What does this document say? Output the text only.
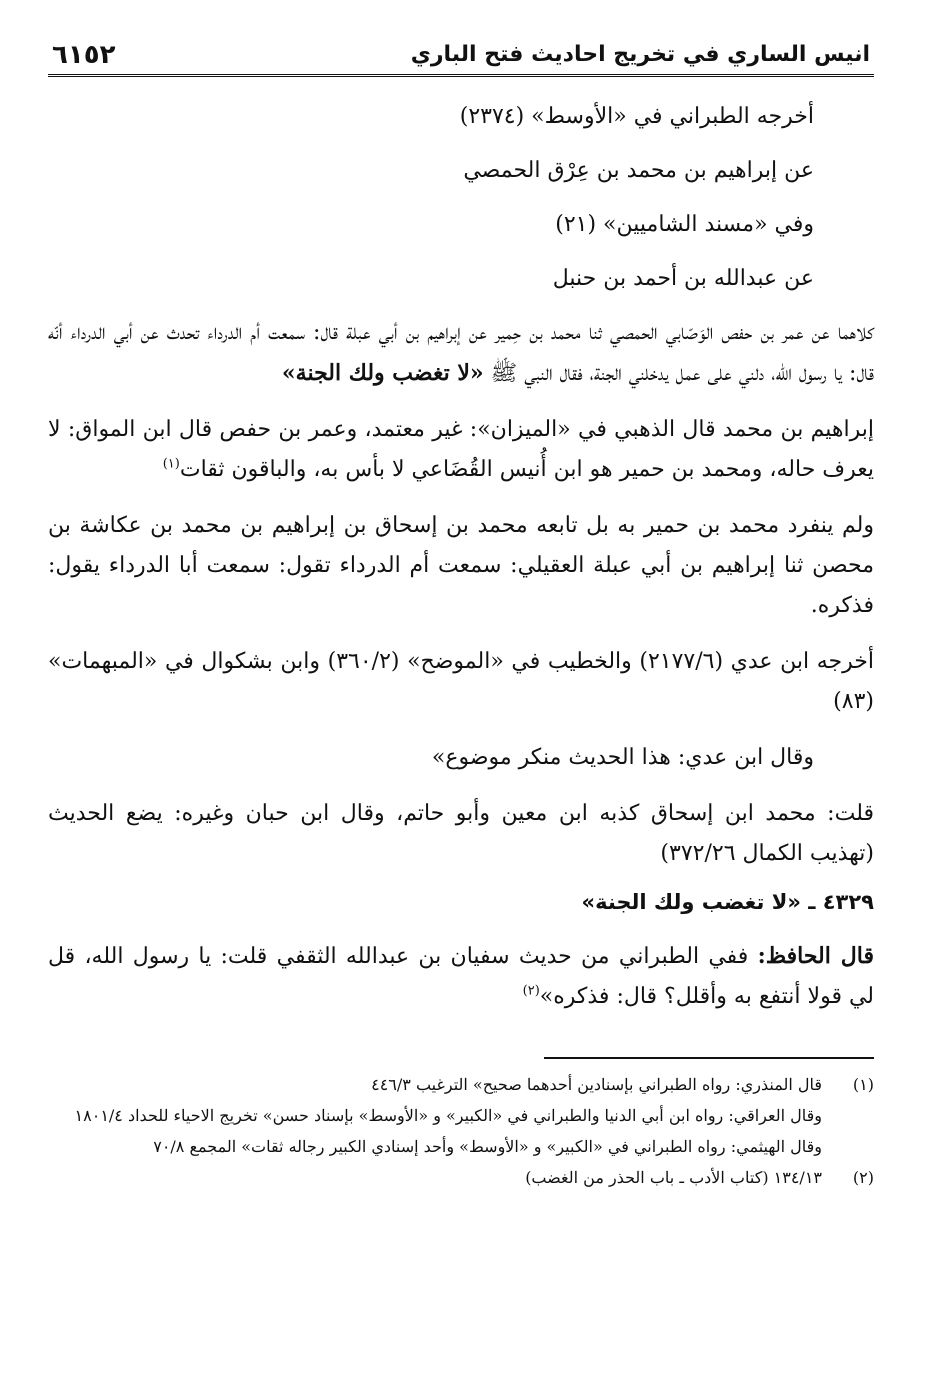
انيس الساري في تخريج احاديث فتح الباري
٦١٥٢

أخرجه الطبراني في «الأوسط» (٢٣٧٤)

عن إبراهيم بن محمد بن عِرْق الحمصي

وفي «مسند الشاميين» (٢١)

عن عبدالله بن أحمد بن حنبل

كلاهما عن عمر بن حفص الوَصّابي الحمصي ثنا محمد بن حِمير عن إبراهيم بن أبي عبلة قال: سمعت أم الدرداء تحدث عن أبي الدرداء أنّه قال: يا رسول الله، دلني على عمل يدخلني الجنة، فقال النبي ﷺ «لا تغضب ولك الجنة»

إبراهيم بن محمد قال الذهبي في «الميزان»: غير معتمد، وعمر بن حفص قال ابن المواق: لا يعرف حاله، ومحمد بن حمير هو ابن أُنيس القُضَاعي لا بأس به، والباقون ثقات$^{(١)}$

ولم ينفرد محمد بن حمير به بل تابعه محمد بن إسحاق بن إبراهيم بن محمد بن عكاشة بن محصن ثنا إبراهيم بن أبي عبلة العقيلي: سمعت أم الدرداء تقول: سمعت أبا الدرداء يقول: فذكره.

أخرجه ابن عدي (٢١٧٧/٦) والخطيب في «الموضح» (٣٦٠/٢) وابن بشكوال في «المبهمات» (٨٣)

وقال ابن عدي: هذا الحديث منكر موضوع»

قلت: محمد ابن إسحاق كذبه ابن معين وأبو حاتم، وقال ابن حبان وغيره: يضع الحديث (تهذيب الكمال ٣٧٢/٢٦)

٤٣٢٩ ـ «لا تغضب ولك الجنة»

قال الحافظ: ففي الطبراني من حديث سفيان بن عبدالله الثقفي قلت: يا رسول الله، قل لي قولا أنتفع به وأقلل؟ قال: فذكره»$^{(٢)}$

(١)
قال المنذري: رواه الطبراني بإسنادين أحدهما صحيح» الترغيب ٤٤٦/٣
وقال العراقي: رواه ابن أبي الدنيا والطبراني في «الكبير» و «الأوسط» بإسناد حسن» تخريج الاحياء للحداد ١٨٠١/٤
وقال الهيثمي: رواه الطبراني في «الكبير» و «الأوسط» وأحد إسنادي الكبير رجاله ثقات» المجمع ٧٠/٨
(٢)
١٣٤/١٣ (كتاب الأدب ـ باب الحذر من الغضب)
